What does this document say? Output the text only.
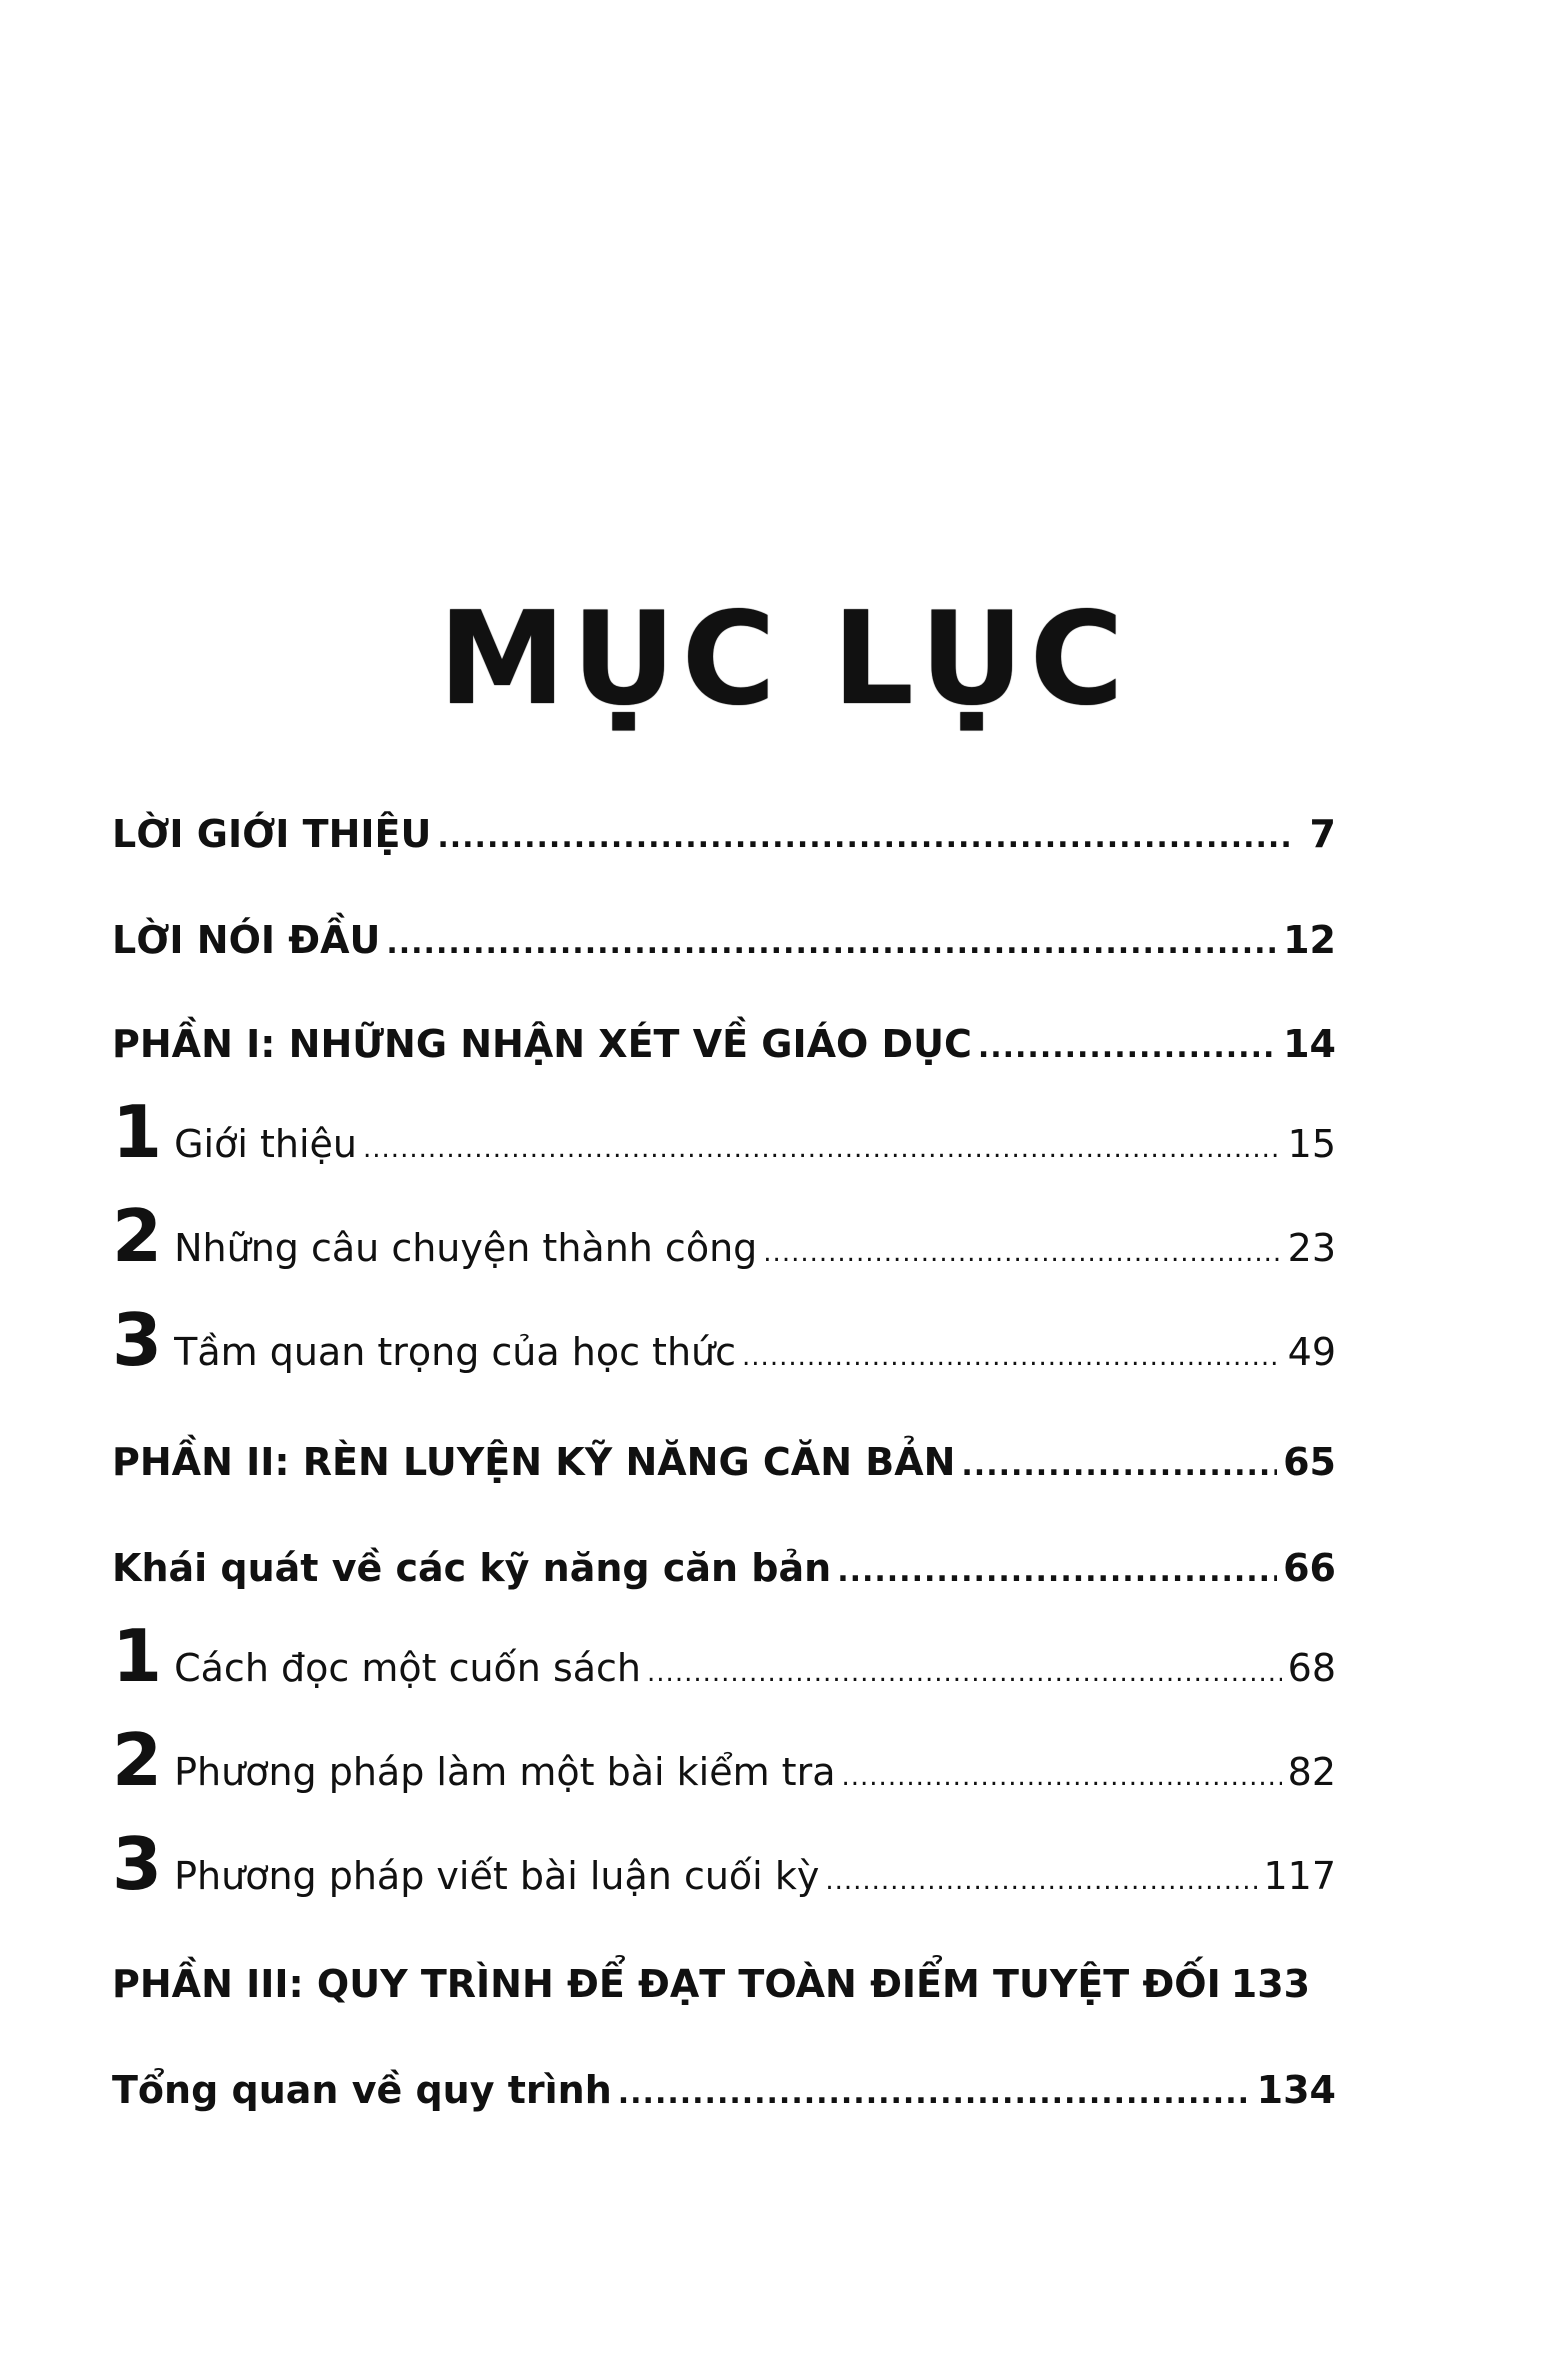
MỤC LỤC
LỜI GIỚI THIỆU .....	7
LỜI NÓI ĐẦU .....	12
PHẦN I: NHỮNG NHẬN XÉT VỀ GIÁO DỤC .....	14
1 Giới thiệu .....	15
2 Những câu chuyện thành công .....	23
3 Tầm quan trọng của học thức .....	49
PHẦN II: RÈN LUYỆN KỸ NĂNG CĂN BẢN .....	65
Khái quát về các kỹ năng căn bản .....	66
1 Cách đọc một cuốn sách .....	68
2 Phương pháp làm một bài kiểm tra .....	82
3 Phương pháp viết bài luận cuối kỳ .....	117
PHẦN III: QUY TRÌNH ĐỂ ĐẠT TOÀN ĐIỂM TUYỆT ĐỐI 133
Tổng quan về quy trình .....	134
